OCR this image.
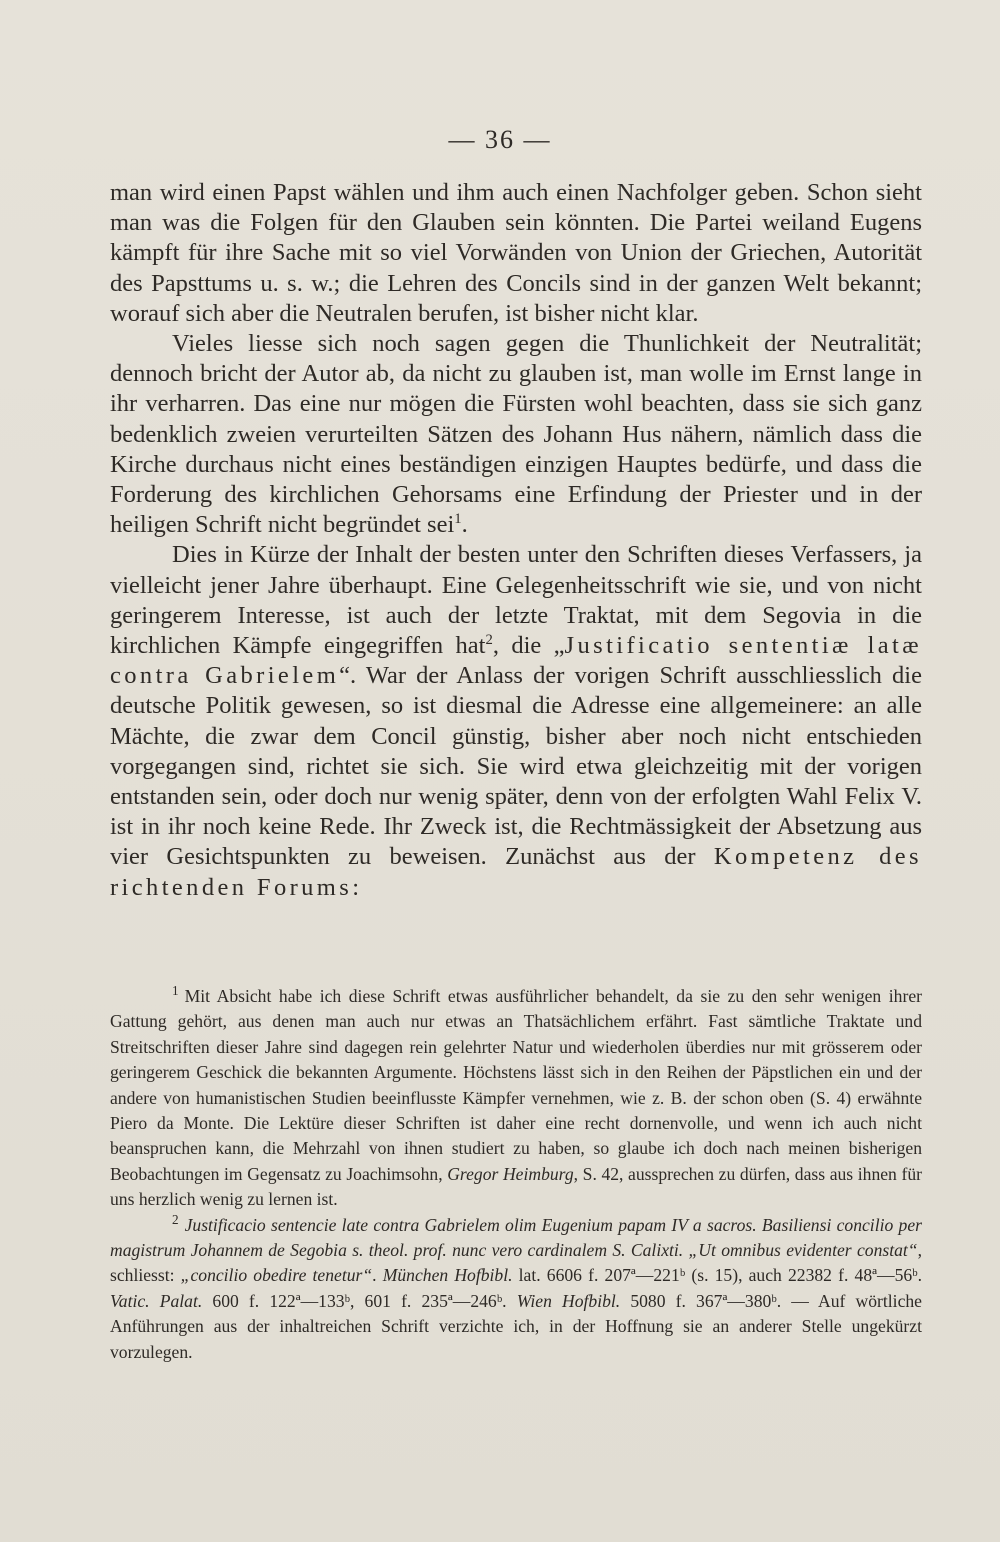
— 36 —

man wird einen Papst wählen und ihm auch einen Nachfolger geben. Schon sieht man was die Folgen für den Glauben sein könnten. Die Partei weiland Eugens kämpft für ihre Sache mit so viel Vorwänden von Union der Griechen, Autorität des Papsttums u. s. w.; die Lehren des Concils sind in der ganzen Welt bekannt; worauf sich aber die Neutralen berufen, ist bisher nicht klar.

Vieles liesse sich noch sagen gegen die Thunlichkeit der Neutralität; dennoch bricht der Autor ab, da nicht zu glauben ist, man wolle im Ernst lange in ihr verharren. Das eine nur mögen die Fürsten wohl beachten, dass sie sich ganz bedenklich zweien verurteilten Sätzen des Johann Hus nähern, nämlich dass die Kirche durchaus nicht eines beständigen einzigen Hauptes bedürfe, und dass die Forderung des kirchlichen Gehorsams eine Erfindung der Priester und in der heiligen Schrift nicht begründet sei$^1$.

Dies in Kürze der Inhalt der besten unter den Schriften dieses Verfassers, ja vielleicht jener Jahre überhaupt. Eine Gelegenheitsschrift wie sie, und von nicht geringerem Interesse, ist auch der letzte Traktat, mit dem Segovia in die kirchlichen Kämpfe eingegriffen hat$^2$, die „Justificatio sententiæ latæ contra Gabrielem“. War der Anlass der vorigen Schrift ausschliesslich die deutsche Politik gewesen, so ist diesmal die Adresse eine allgemeinere: an alle Mächte, die zwar dem Concil günstig, bisher aber noch nicht entschieden vorgegangen sind, richtet sie sich. Sie wird etwa gleichzeitig mit der vorigen entstanden sein, oder doch nur wenig später, denn von der erfolgten Wahl Felix V. ist in ihr noch keine Rede. Ihr Zweck ist, die Rechtmässigkeit der Absetzung aus vier Gesichtspunkten zu beweisen. Zunächst aus der Kompetenz des richtenden Forums:

$^1$ Mit Absicht habe ich diese Schrift etwas ausführlicher behandelt, da sie zu den sehr wenigen ihrer Gattung gehört, aus denen man auch nur etwas an Thatsächlichem erfährt. Fast sämtliche Traktate und Streitschriften dieser Jahre sind dagegen rein gelehrter Natur und wiederholen überdies nur mit grösserem oder geringerem Geschick die bekannten Argumente. Höchstens lässt sich in den Reihen der Päpstlichen ein und der andere von humanistischen Studien beeinflusste Kämpfer vernehmen, wie z. B. der schon oben (S. 4) erwähnte Piero da Monte. Die Lektüre dieser Schriften ist daher eine recht dornenvolle, und wenn ich auch nicht beanspruchen kann, die Mehrzahl von ihnen studiert zu haben, so glaube ich doch nach meinen bisherigen Beobachtungen im Gegensatz zu Joachimsohn, Gregor Heimburg, S. 42, aussprechen zu dürfen, dass aus ihnen für uns herzlich wenig zu lernen ist.

$^2$ Justificacio sentencie late contra Gabrielem olim Eugenium papam IV a sacros. Basiliensi concilio per magistrum Johannem de Segobia s. theol. prof. nunc vero cardinalem S. Calixti. „Ut omnibus evidenter constat“, schliesst: „concilio obedire tenetur“. München Hofbibl. lat. 6606 f. 207ª—221ᵇ (s. 15), auch 22382 f. 48ª—56ᵇ. Vatic. Palat. 600 f. 122ª—133ᵇ, 601 f. 235ª—246ᵇ. Wien Hofbibl. 5080 f. 367ª—380ᵇ. — Auf wörtliche Anführungen aus der inhaltreichen Schrift verzichte ich, in der Hoffnung sie an anderer Stelle ungekürzt vorzulegen.
